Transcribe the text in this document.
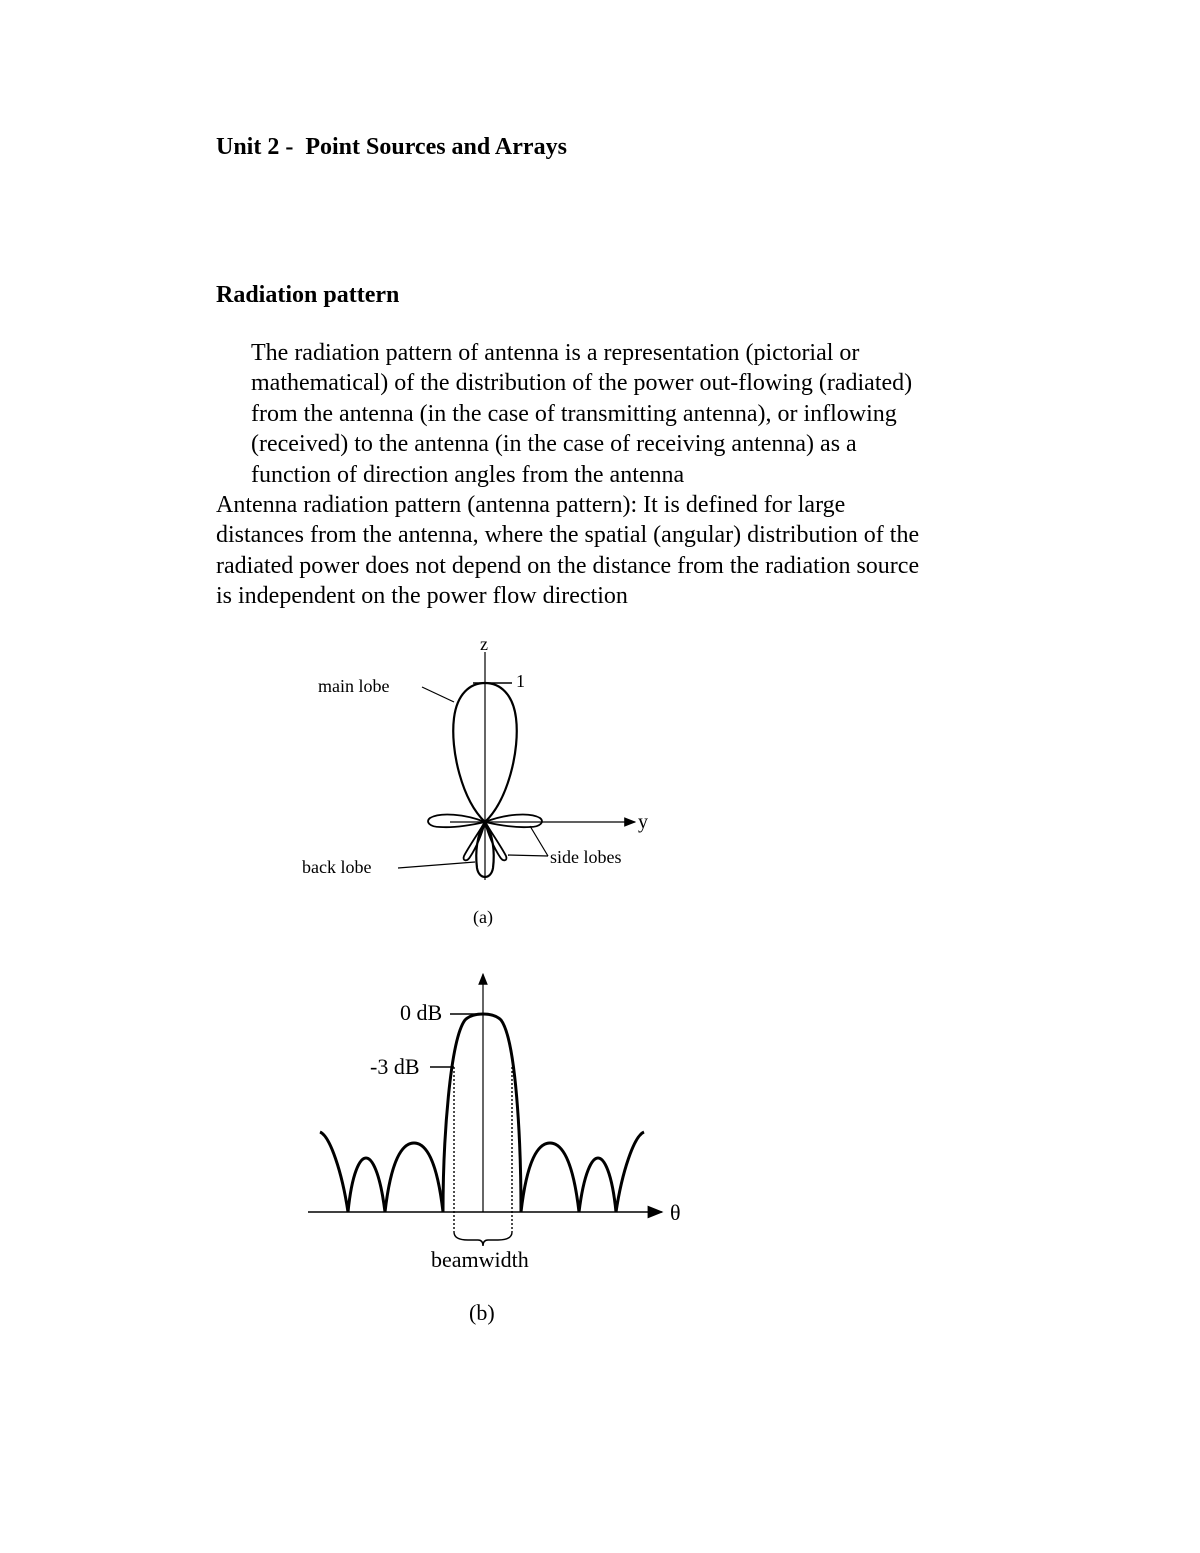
Unit 2 -  Point Sources and Arrays
Radiation pattern

The radiation pattern of antenna is a representation (pictorial or
mathematical) of the distribution of the power out-flowing (radiated)
from the antenna (in the case of transmitting antenna), or inflowing
(received) to the antenna (in the case of receiving antenna) as a
function of direction angles from the antenna

Antenna radiation pattern (antenna pattern): It is defined for large
distances from the antenna, where the spatial (angular) distribution of the
radiated power does not depend on the distance from the radiation source
is independent on the power flow direction

z
y
1
main lobe
back lobe	side lobes
(a)
0 dB
-3 dB
θ
beamwidth
(b)
